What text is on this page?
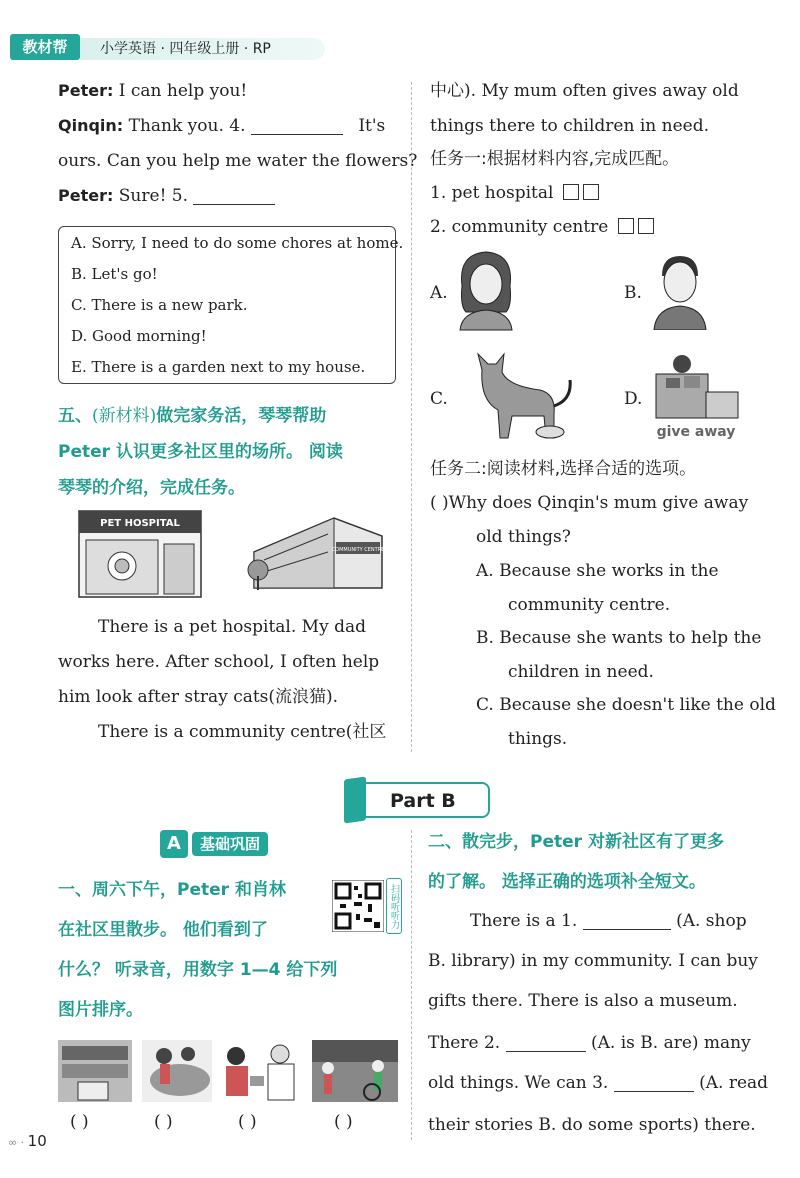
教材帮	小学英语 · 四年级上册 · RP
Peter: I can help you!
Qinqin: Thank you. 4.	It's
ours. Can you help me water the flowers?
Peter: Sure! 5.
A. Sorry, I need to do some chores at home.
B. Let's go!
C. There is a new park.
D. Good morning!
E. There is a garden next to my house.
五、(新材料)做完家务活，琴琴帮助
Peter 认识更多社区里的场所。 阅读
琴琴的介绍，完成任务。
PET HOSPITAL
COMMUNITY CENTRE
There is a pet hospital. My dad
works here. After school, I often help
him look after stray cats(流浪猫).
There is a community centre(社区
中心). My mum often gives away old
things there to children in need.
任务一:根据材料内容,完成匹配。
1. pet hospital
2. community centre
A.	B.
C.	D.
give away
任务二:阅读材料,选择合适的选项。
( )Why does Qinqin's mum give away
old things?
A. Because she works in the
community centre.
B. Because she wants to help the
children in need.
C. Because she doesn't like the old
things.
Part B
A	基础巩固
一、周六下午，Peter 和肖林
在社区里散步。 他们看到了
什么？ 听录音，用数字 1—4 给下列
图片排序。
扫码听听力
( )	( )	( )	( )
二、散完步，Peter 对新社区有了更多
的了解。 选择正确的选项补全短文。
There is a 1.	(A. shop
B. library) in my community. I can buy
gifts there. There is also a museum.
There 2.	(A. is B. are) many
old things. We can 3.	(A. read
their stories B. do some sports) there.
∞ · 10
